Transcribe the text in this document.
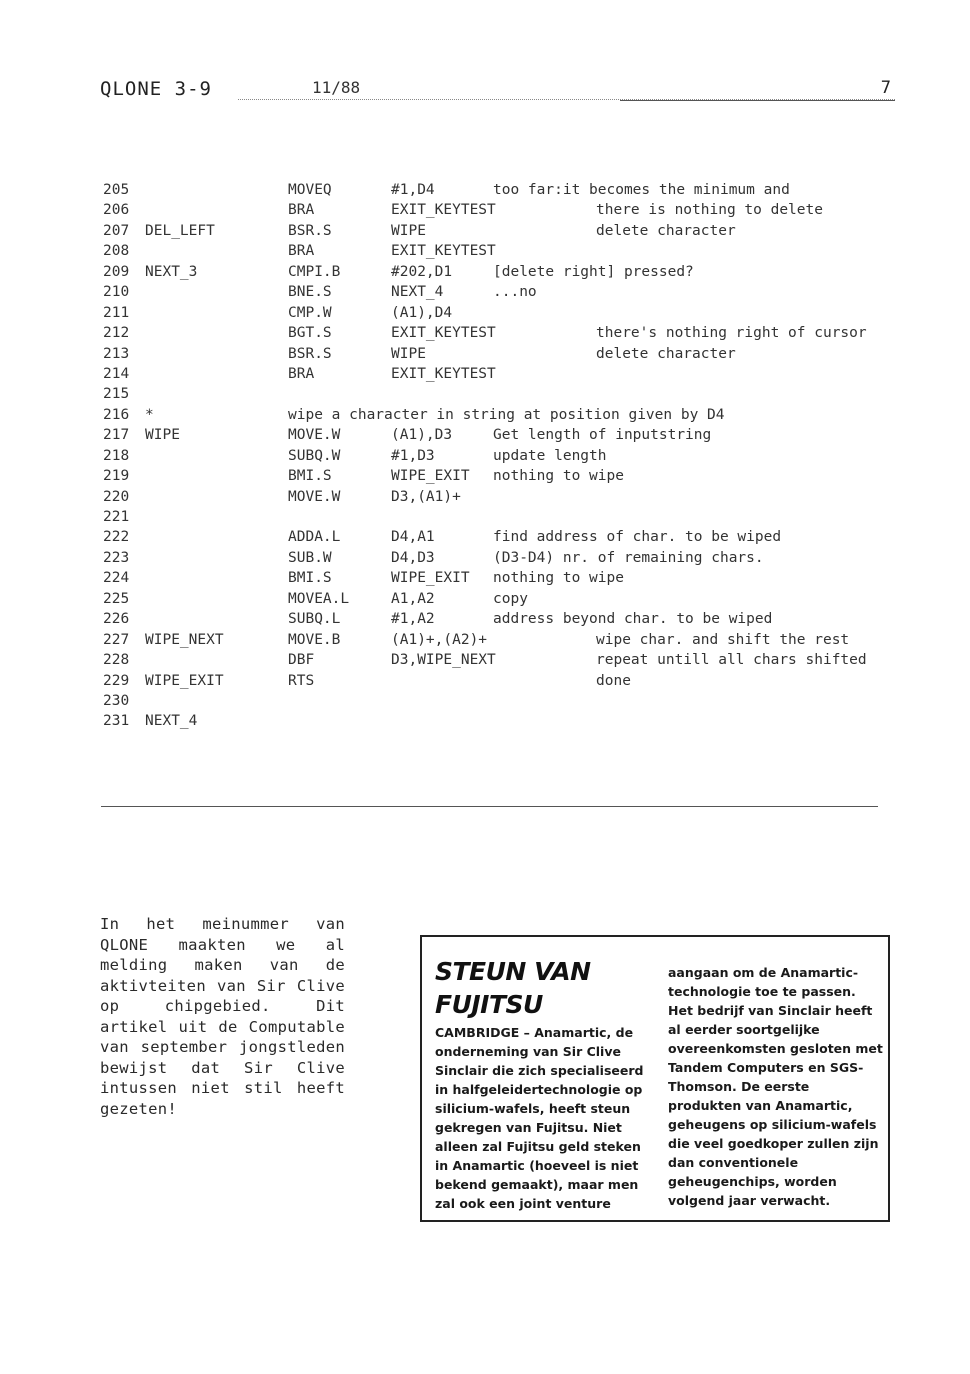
QLONE 3-9	11/88	7
205	MOVEQ	#1,D4	too far:it becomes the minimum and
206	BRA	EXIT_KEYTEST	there is nothing to delete
207 DEL_LEFT	BSR.S	WIPE	delete character
208	BRA	EXIT_KEYTEST
209 NEXT_3	CMPI.B	#202,D1	[delete right] pressed?
210	BNE.S	NEXT_4	...no
211	CMP.W	(A1),D4
212	BGT.S	EXIT_KEYTEST	there's nothing right of cursor
213	BSR.S	WIPE	delete character
214	BRA	EXIT_KEYTEST
215
216 *	wipe a character in string at position given by D4
217 WIPE	MOVE.W	(A1),D3	Get length of inputstring
218	SUBQ.W	#1,D3	update length
219	BMI.S	WIPE_EXIT nothing to wipe
220	MOVE.W	D3,(A1)+
221
222	ADDA.L	D4,A1	find address of char. to be wiped
223	SUB.W	D4,D3	(D3-D4) nr. of remaining chars.
224	BMI.S	WIPE_EXIT nothing to wipe
225	MOVEA.L	A1,A2	copy
226	SUBQ.L	#1,A2	address beyond char. to be wiped
227 WIPE_NEXT	MOVE.B	(A1)+,(A2)+	wipe char. and shift the rest
228	DBF	D3,WIPE_NEXT	repeat untill all chars shifted
229 WIPE_EXIT	RTS	done
230
231 NEXT_4
In het meinummer van QLONE maakten we al melding maken van de aktivteiten van Sir Clive op chipgebied. Dit artikel uit de Computable van september jongstleden bewijst dat Sir Clive intussen niet stil heeft gezeten!
STEUN VAN FUJITSU
CAMBRIDGE – Anamartic, de onderneming van Sir Clive Sinclair die zich specialiseerd in halfgeleidertechnologie op silicium-wafels, heeft steun gekregen van Fujitsu. Niet alleen zal Fujitsu geld steken in Anamartic (hoeveel is niet bekend gemaakt), maar men zal ook een joint venture
aangaan om de Anamartic-technologie toe te passen. Het bedrijf van Sinclair heeft al eerder soortgelijke overeenkomsten gesloten met Tandem Computers en SGS-Thomson. De eerste produkten van Anamartic, geheugens op silicium-wafels die veel goedkoper zullen zijn dan conventionele geheugenchips, worden volgend jaar verwacht.
